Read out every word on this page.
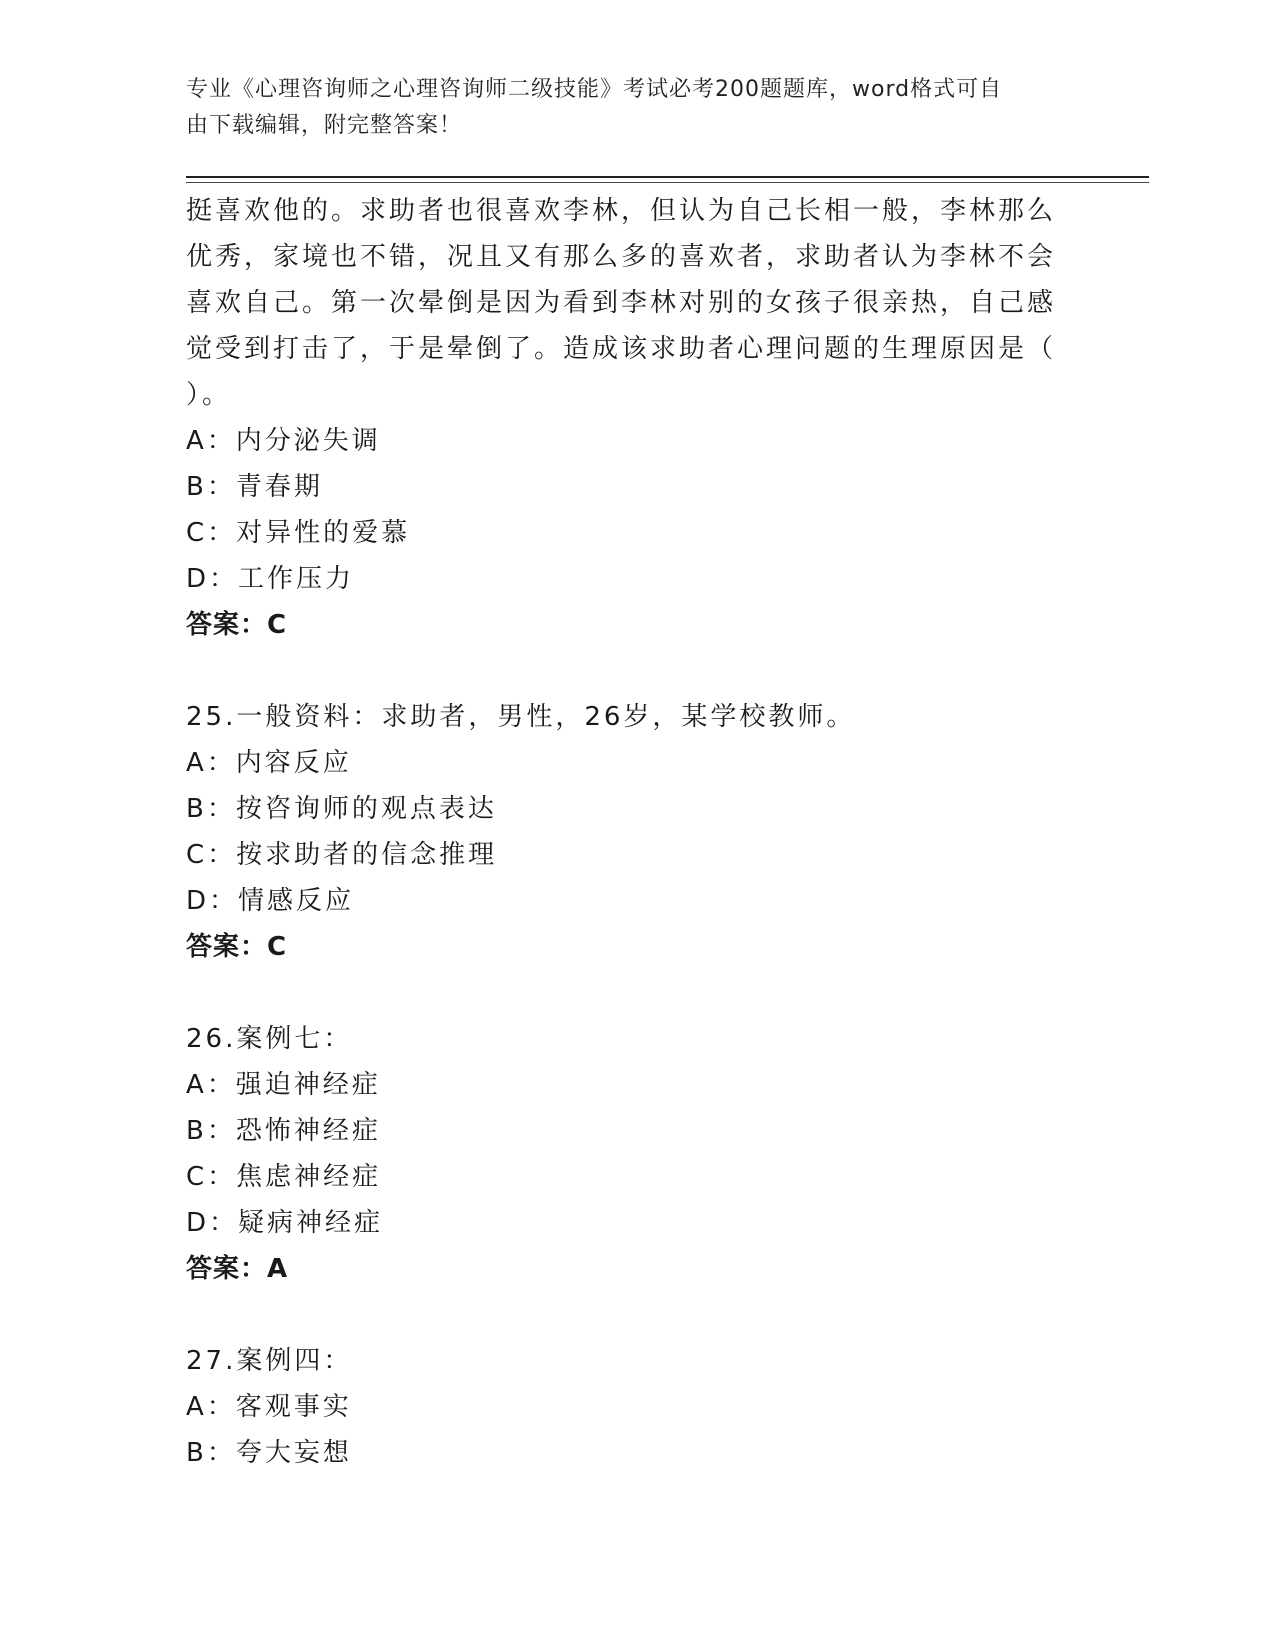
专业《心理咨询师之心理咨询师二级技能》考试必考200题题库，word格式可自
由下载编辑，附完整答案！
挺喜欢他的。求助者也很喜欢李林，但认为自己长相一般，李林那么
优秀，家境也不错，况且又有那么多的喜欢者，求助者认为李林不会
喜欢自己。第一次晕倒是因为看到李林对别的女孩子很亲热，自己感
觉受到打击了，于是晕倒了。造成该求助者心理问题的生理原因是（
）。
A：内分泌失调
B：青春期
C：对异性的爱慕
D：工作压力
答案：C
25.一般资料：求助者，男性，26岁，某学校教师。
A：内容反应
B：按咨询师的观点表达
C：按求助者的信念推理
D：情感反应
答案：C
26.案例七：
A：强迫神经症
B：恐怖神经症
C：焦虑神经症
D：疑病神经症
答案：A
27.案例四：
A：客观事实
B：夸大妄想
